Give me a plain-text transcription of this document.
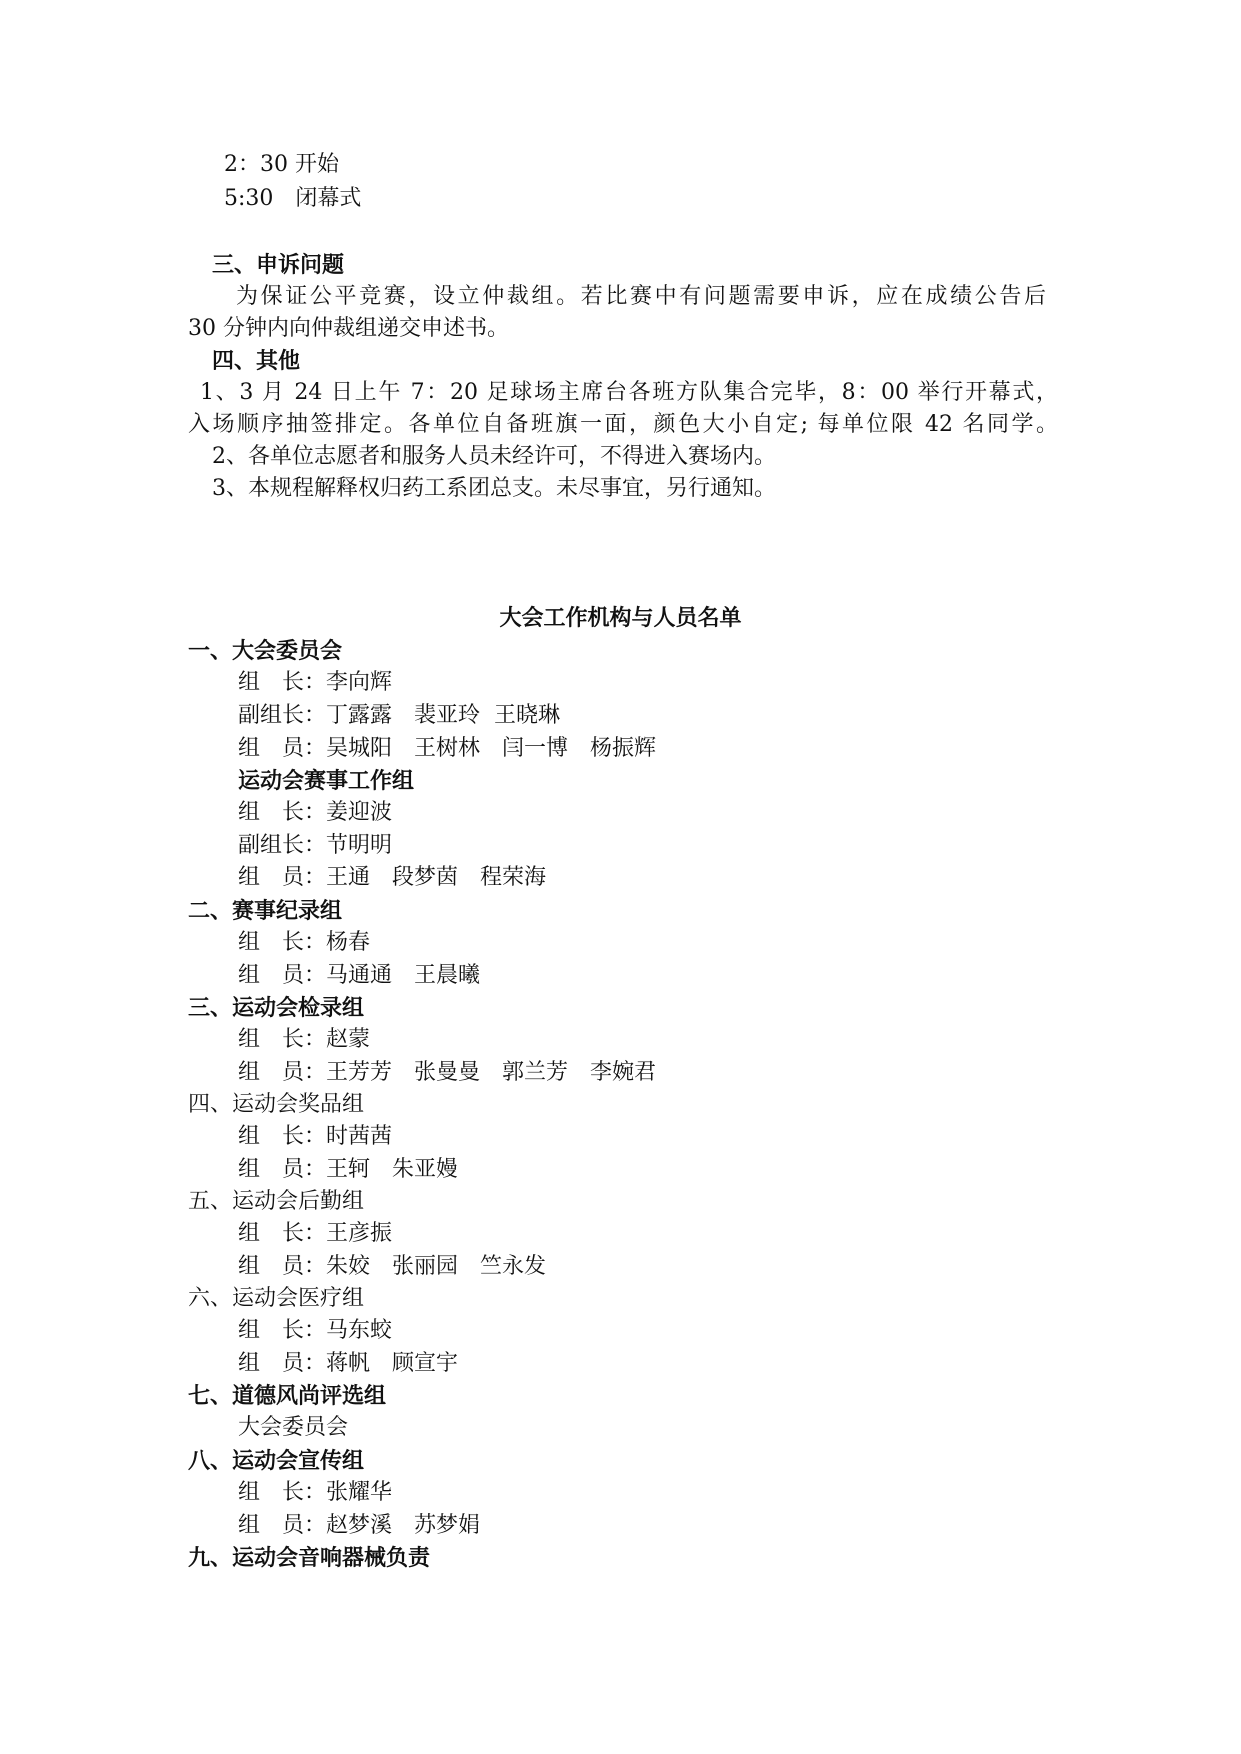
2：30 开始
5:30　闭幕式
三、申诉问题
为保证公平竞赛，设立仲裁组。若比赛中有问题需要申诉，应在成绩公告后
30 分钟内向仲裁组递交申述书。
四、其他
1、3 月 24 日上午 7：20 足球场主席台各班方队集合完毕，8：00 举行开幕式，
入场顺序抽签排定。各单位自备班旗一面，颜色大小自定; 每单位限 42 名同学。
2、各单位志愿者和服务人员未经许可，不得进入赛场内。
3、本规程解释权归药工系团总支。未尽事宜，另行通知。
大会工作机构与人员名单
一、大会委员会
组　长：李向辉
副组长：丁露露　裴亚玲  王晓琳
组　员：吴城阳　王树林　闫一博　杨振辉
运动会赛事工作组
组　长：姜迎波
副组长：节明明
组　员：王通　段梦茵　程荣海
二、赛事纪录组
组　长：杨春
组　员：马通通　王晨曦
三、运动会检录组
组　长：赵蒙
组　员：王芳芳　张曼曼　郭兰芳　李婉君
四、运动会奖品组
组　长：时茜茜
组　员：王轲　朱亚嫚
五、运动会后勤组
组　长：王彦振
组　员：朱姣　张丽园　竺永发
六、运动会医疗组
组　长：马东蛟
组　员：蒋帆　顾宣宇
七、道德风尚评选组
大会委员会
八、运动会宣传组
组　长：张耀华
组　员：赵梦溪　苏梦娟
九、运动会音响器械负责
